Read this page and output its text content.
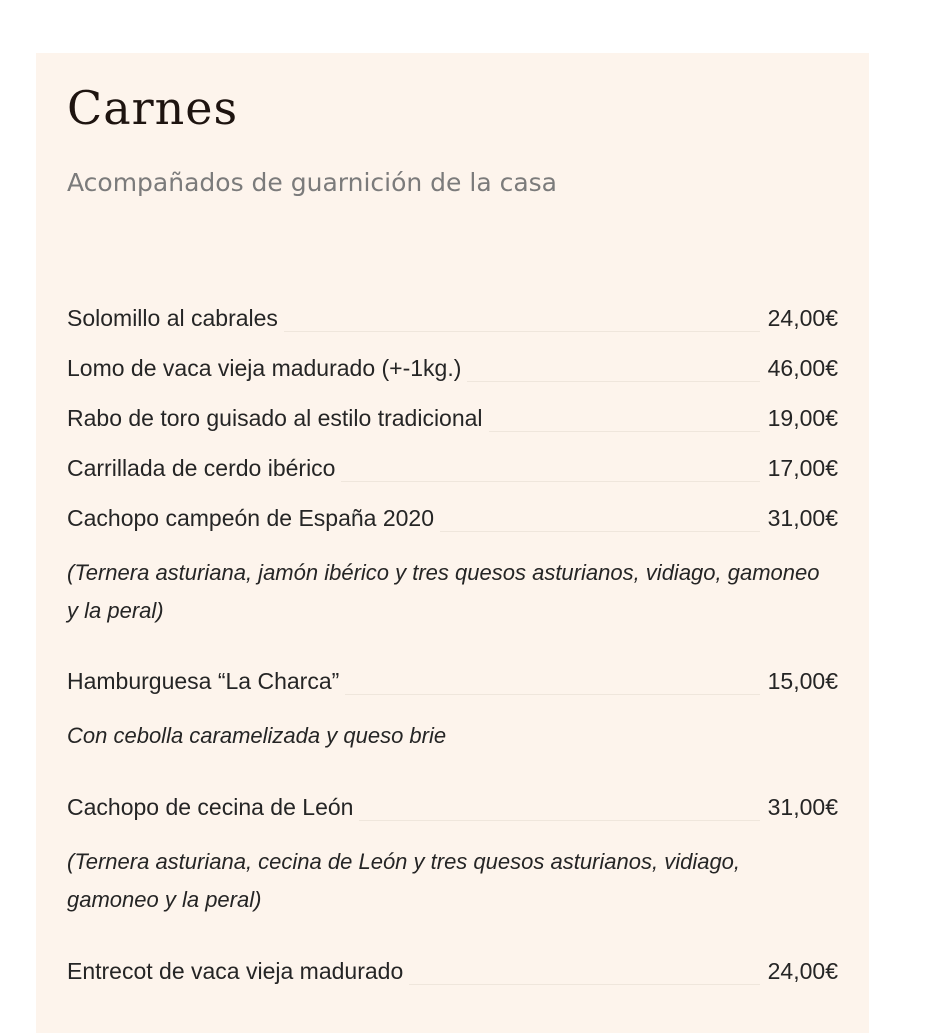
Carnes

Acompañados de guarnición de la casa

Solomillo al cabrales	24,00€
Lomo de vaca vieja madurado (+-1kg.)	46,00€
Rabo de toro guisado al estilo tradicional	19,00€
Carrillada de cerdo ibérico	17,00€
Cachopo campeón de España 2020	31,00€

(Ternera asturiana, jamón ibérico y tres quesos asturianos, vidiago, gamoneo y la peral)

Hamburguesa “La Charca”	15,00€

Con cebolla caramelizada y queso brie

Cachopo de cecina de León	31,00€

(Ternera asturiana, cecina de León y tres quesos asturianos, vidiago, gamoneo y la peral)

Entrecot de vaca vieja madurado	24,00€
